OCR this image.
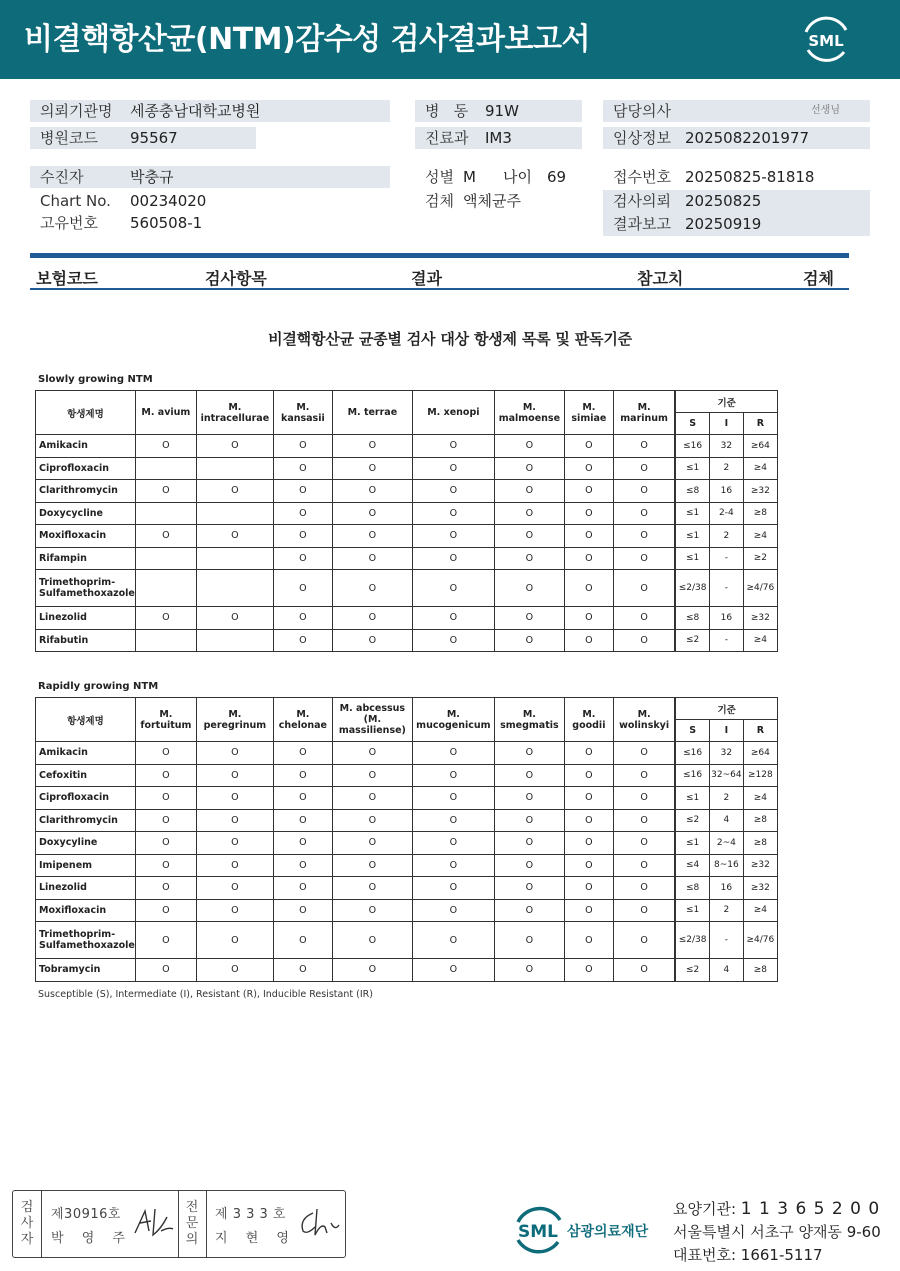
비결핵항산균(NTM)감수성 검사결과보고서	SML
의뢰기관명 세종충남대학교병원
병원코드 95567
수진자	박충규
Chart No. 00234020
고유번호 560508-1
병   동 91W
진료과 IM3
성별 M 나이 69
검체 액체균주
담당의사	선생님
임상정보 2025082201977
접수번호 20250825-81818
검사의뢰 20250825
결과보고 20250919
보험코드	검사항목	결과	참고치	검체
비결핵항산균 균종별 검사 대상 항생제 목록 및 판독기준
Slowly growing NTM
항생제명	M. avium	M. intracellurae	M. kansasii	M. terrae	M. xenopi	M. malmoense	M. simiae	M. marinum	기준		
									S	I	R
Amikacin	O	O	O	O	O	O	O	O	≤16	32	≥64
Ciprofloxacin			O	O	O	O	O	O	≤1	2	≥4
Clarithromycin	O	O	O	O	O	O	O	O	≤8	16	≥32
Doxycycline			O	O	O	O	O	O	≤1	2-4	≥8
Moxifloxacin	O	O	O	O	O	O	O	O	≤1	2	≥4
Rifampin			O	O	O	O	O	O	≤1	-	≥2
Trimethoprim-
Sulfamethoxazole			O	O	O	O	O	O	≤2/38	-	≥4/76
Linezolid	O	O	O	O	O	O	O	O	≤8	16	≥32
Rifabutin			O	O	O	O	O	O	≤2	-	≥4
Rapidly growing NTM
항생제명	M. fortuitum	M. peregrinum	M. chelonae	M. abcessus
(M. massiliense)	M. mucogenicum	M. smegmatis	M. goodii	M. wolinskyi	기준		
									S	I	R
Amikacin	O	O	O	O	O	O	O	O	≤16	32	≥64
Cefoxitin	O	O	O	O	O	O	O	O	≤16	32~64	≥128
Ciprofloxacin	O	O	O	O	O	O	O	O	≤1	2	≥4
Clarithromycin	O	O	O	O	O	O	O	O	≤2	4	≥8
Doxycyline	O	O	O	O	O	O	O	O	≤1	2~4	≥8
Imipenem	O	O	O	O	O	O	O	O	≤4	8~16	≥32
Linezolid	O	O	O	O	O	O	O	O	≤8	16	≥32
Moxifloxacin	O	O	O	O	O	O	O	O	≤1	2	≥4
Trimethoprim-
Sulfamethoxazole	O	O	O	O	O	O	O	O	≤2/38	-	≥4/76
Tobramycin	O	O	O	O	O	O	O	O	≤2	4	≥8
Susceptible (S), Intermediate (I), Resistant (R), Inducible Resistant (IR)
검
사
자
제30916호
박 영 주
전
문
의
제 3 3 3 호
지 현 영	SML 삼광의료재단
요양기관: 1 1 3 6 5 2 0 0
서울특별시 서초구 양재동 9-60
대표번호: 1661-5117
